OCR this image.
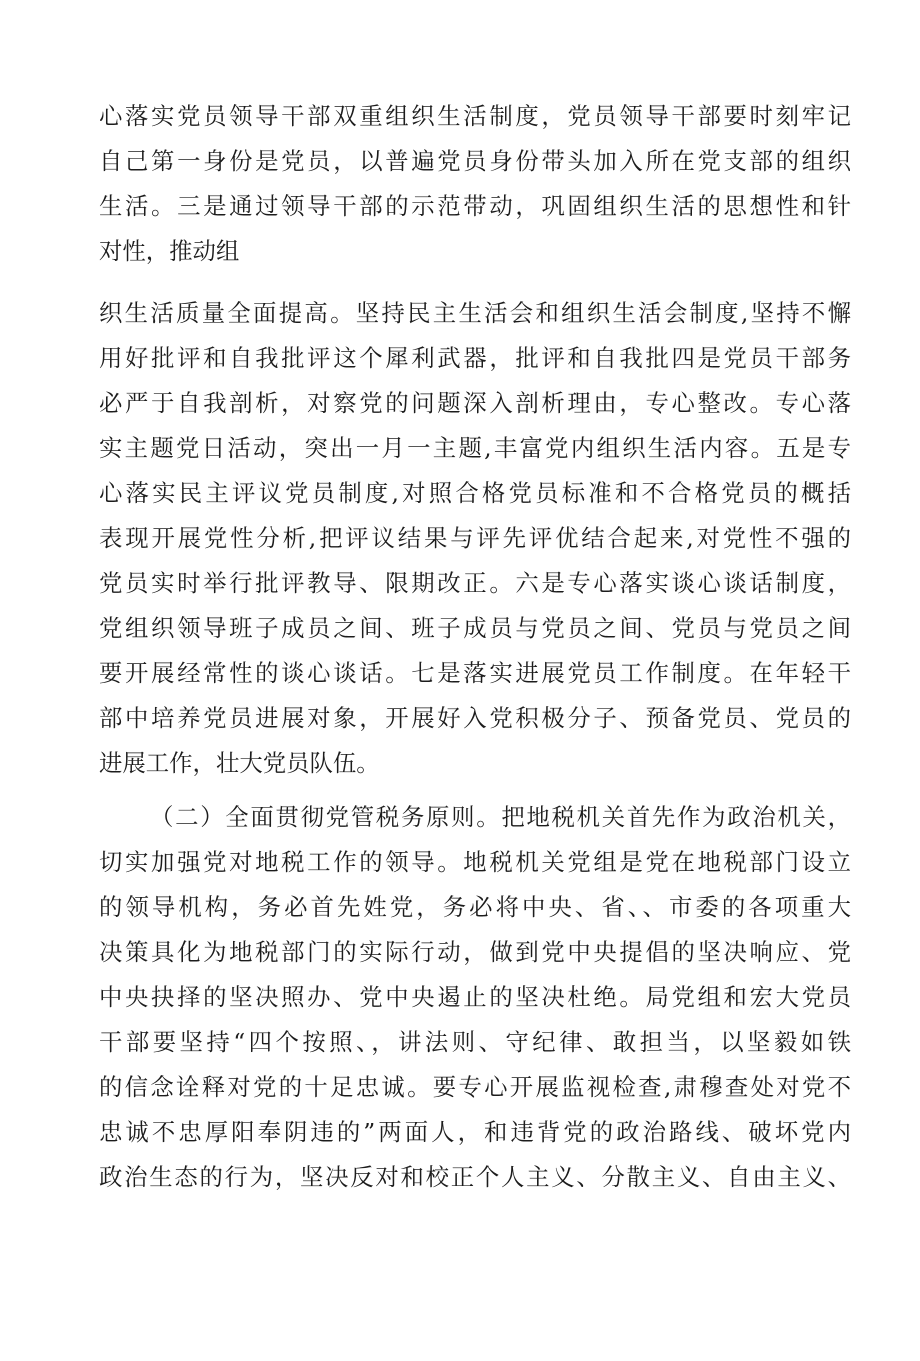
心落实党员领导干部双重组织生活制度，党员领导干部要时刻牢记
自己第一身份是党员，以普遍党员身份带头加入所在党支部的组织
生活。三是通过领导干部的示范带动，巩固组织生活的思想性和针
对性，推动组
织生活质量全面提高。坚持民主生活会和组织生活会制度,坚持不懈
用好批评和自我批评这个犀利武器，批评和自我批四是党员干部务
必严于自我剖析，对察党的问题深入剖析理由，专心整改。专心落
实主题党日活动，突出一月一主题,丰富党内组织生活内容。五是专
心落实民主评议党员制度,对照合格党员标准和不合格党员的概括
表现开展党性分析,把评议结果与评先评优结合起来,对党性不强的
党员实时举行批评教导、限期改正。六是专心落实谈心谈话制度，
党组织领导班子成员之间、班子成员与党员之间、党员与党员之间
要开展经常性的谈心谈话。七是落实进展党员工作制度。在年轻干
部中培养党员进展对象，开展好入党积极分子、预备党员、党员的
进展工作，壮大党员队伍。
（二）全面贯彻党管税务原则。把地税机关首先作为政治机关，
切实加强党对地税工作的领导。地税机关党组是党在地税部门设立
的领导机构，务必首先姓党，务必将中央、省、、市委的各项重大
决策具化为地税部门的实际行动，做到党中央提倡的坚决响应、党
中央抉择的坚决照办、党中央遏止的坚决杜绝。局党组和宏大党员
干部要坚持“四个按照、，讲法则、守纪律、敢担当，以坚毅如铁
的信念诠释对党的十足忠诚。要专心开展监视检查,肃穆查处对党不
忠诚不忠厚阳奉阴违的”两面人，和违背党的政治路线、破坏党内
政治生态的行为，坚决反对和校正个人主义、分散主义、自由主义、
